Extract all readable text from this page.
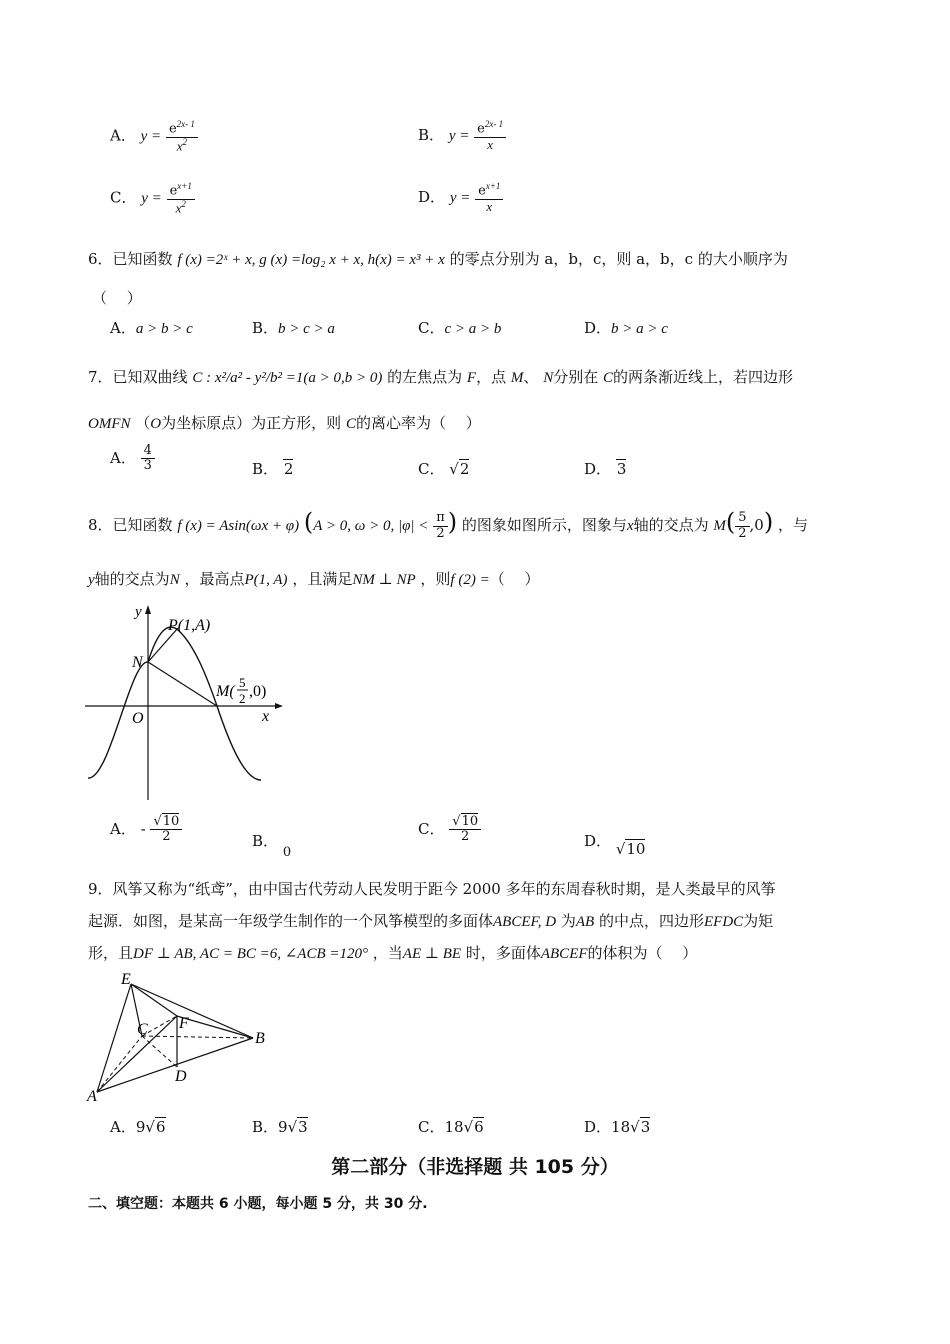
A． $y = \frac{e^{2x- 1}}{x^2}$	B． $y = \frac{e^{2x- 1}}{x}$
C． $y = \frac{e^{x+1}}{x^2}$	D． $y = \frac{e^{x+1}}{x}$
6．已知函数 f (x) =2ˣ + x, g (x) =log₂ x + x, h(x) = x³ + x 的零点分别为 a，b，c，则 a，b，c 的大小顺序为
（　 ）
A．a > b > c	B．b > c > a	C．c > a > b	D．b > a > c
7．已知双曲线 C : x²/a² - y²/b² =1(a > 0,b > 0) 的左焦点为 F，点 M、 N分别在 C的两条渐近线上，若四边形
OMFN （O为坐标原点）为正方形，则 C的离心率为（　 ）
A． $\frac{4}{3}$	B． 2	C． √2	D． 3
8．已知函数 f (x) = Asin(ωx + φ) (A > 0, ω > 0, $|\varphi| < \frac{\pi}{2}$ ) 的图象如图所示，图象与x轴的交点为 $M( \frac{5}{2} ,0)$ ，与
y轴的交点为N ，最高点P(1, A) ，且满足NM ⊥ NP ，则f (2) =（　 ）
y
x
O
N
P(1,A)
M(
5
2 ,0)
A． - $\frac{√10}{2}$	B． 0
C． $\frac{√10}{2}$	D． √10
9．风筝又称为“纸鸢”，由中国古代劳动人民发明于距今 2000 多年的东周春秋时期，是人类最早的风筝
起源．如图，是某高一年级学生制作的一个风筝模型的多面体ABCEF, D 为AB 的中点，四边形EFDC为矩
形，且DF ⊥ AB, AC = BC =6, ∠ACB =120° ，当AE ⊥ BE 时，多面体ABCEF的体积为（　 ）
E
C F
B
D
A
A．9√6	B．9√3	C．18√6	D．18√3
第二部分（非选择题 共 105 分）
二、填空题：本题共 6 小题，每小题 5 分，共 30 分.
